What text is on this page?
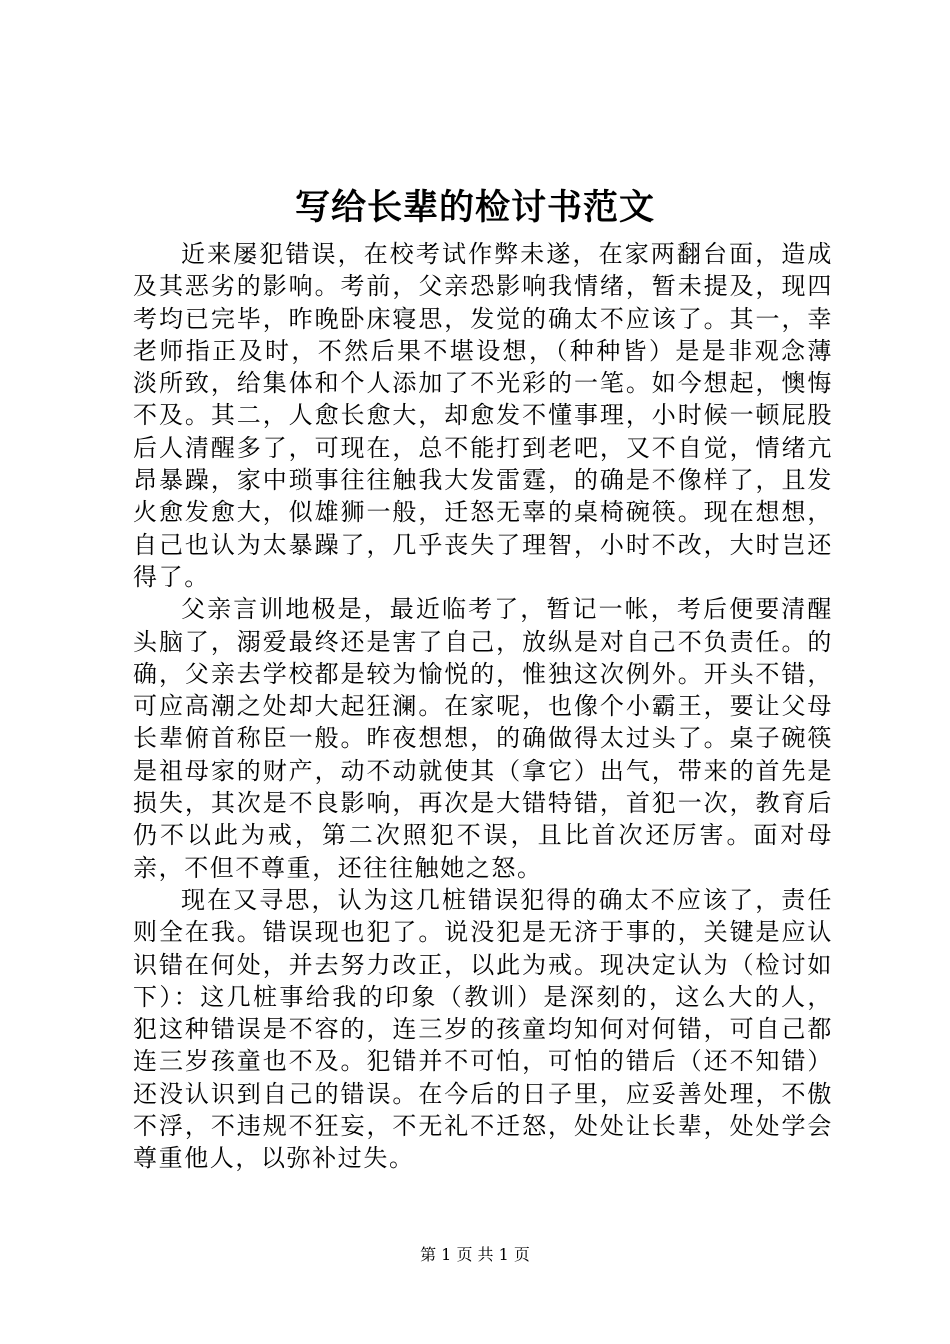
写给长辈的检讨书范文

近来屡犯错误，在校考试作弊未遂，在家两翻台面，造成及其恶劣的影响。考前，父亲恐影响我情绪，暂未提及，现四考均已完毕，昨晚卧床寝思，发觉的确太不应该了。其一，幸老师指正及时，不然后果不堪设想，（种种皆）是是非观念薄淡所致，给集体和个人添加了不光彩的一笔。如今想起，懊悔不及。其二，人愈长愈大，却愈发不懂事理，小时候一顿屁股后人清醒多了，可现在，总不能打到老吧，又不自觉，情绪亢昂暴躁，家中琐事往往触我大发雷霆，的确是不像样了，且发火愈发愈大，似雄狮一般，迁怒无辜的桌椅碗筷。现在想想，自己也认为太暴躁了，几乎丧失了理智，小时不改，大时岂还得了。

父亲言训地极是，最近临考了，暂记一帐，考后便要清醒头脑了，溺爱最终还是害了自己，放纵是对自己不负责任。的确，父亲去学校都是较为愉悦的，惟独这次例外。开头不错，可应高潮之处却大起狂澜。在家呢，也像个小霸王，要让父母长辈俯首称臣一般。昨夜想想，的确做得太过头了。桌子碗筷是祖母家的财产，动不动就使其（拿它）出气，带来的首先是损失，其次是不良影响，再次是大错特错，首犯一次，教育后仍不以此为戒，第二次照犯不误，且比首次还厉害。面对母亲，不但不尊重，还往往触她之怒。

现在又寻思，认为这几桩错误犯得的确太不应该了，责任则全在我。错误现也犯了。说没犯是无济于事的，关键是应认识错在何处，并去努力改正，以此为戒。现决定认为（检讨如下）：这几桩事给我的印象（教训）是深刻的，这么大的人，犯这种错误是不容的，连三岁的孩童均知何对何错，可自己都连三岁孩童也不及。犯错并不可怕，可怕的错后（还不知错）还没认识到自己的错误。在今后的日子里，应妥善处理，不傲不浮，不违规不狂妄，不无礼不迁怒，处处让长辈，处处学会尊重他人，以弥补过失。

第 1 页 共 1 页
